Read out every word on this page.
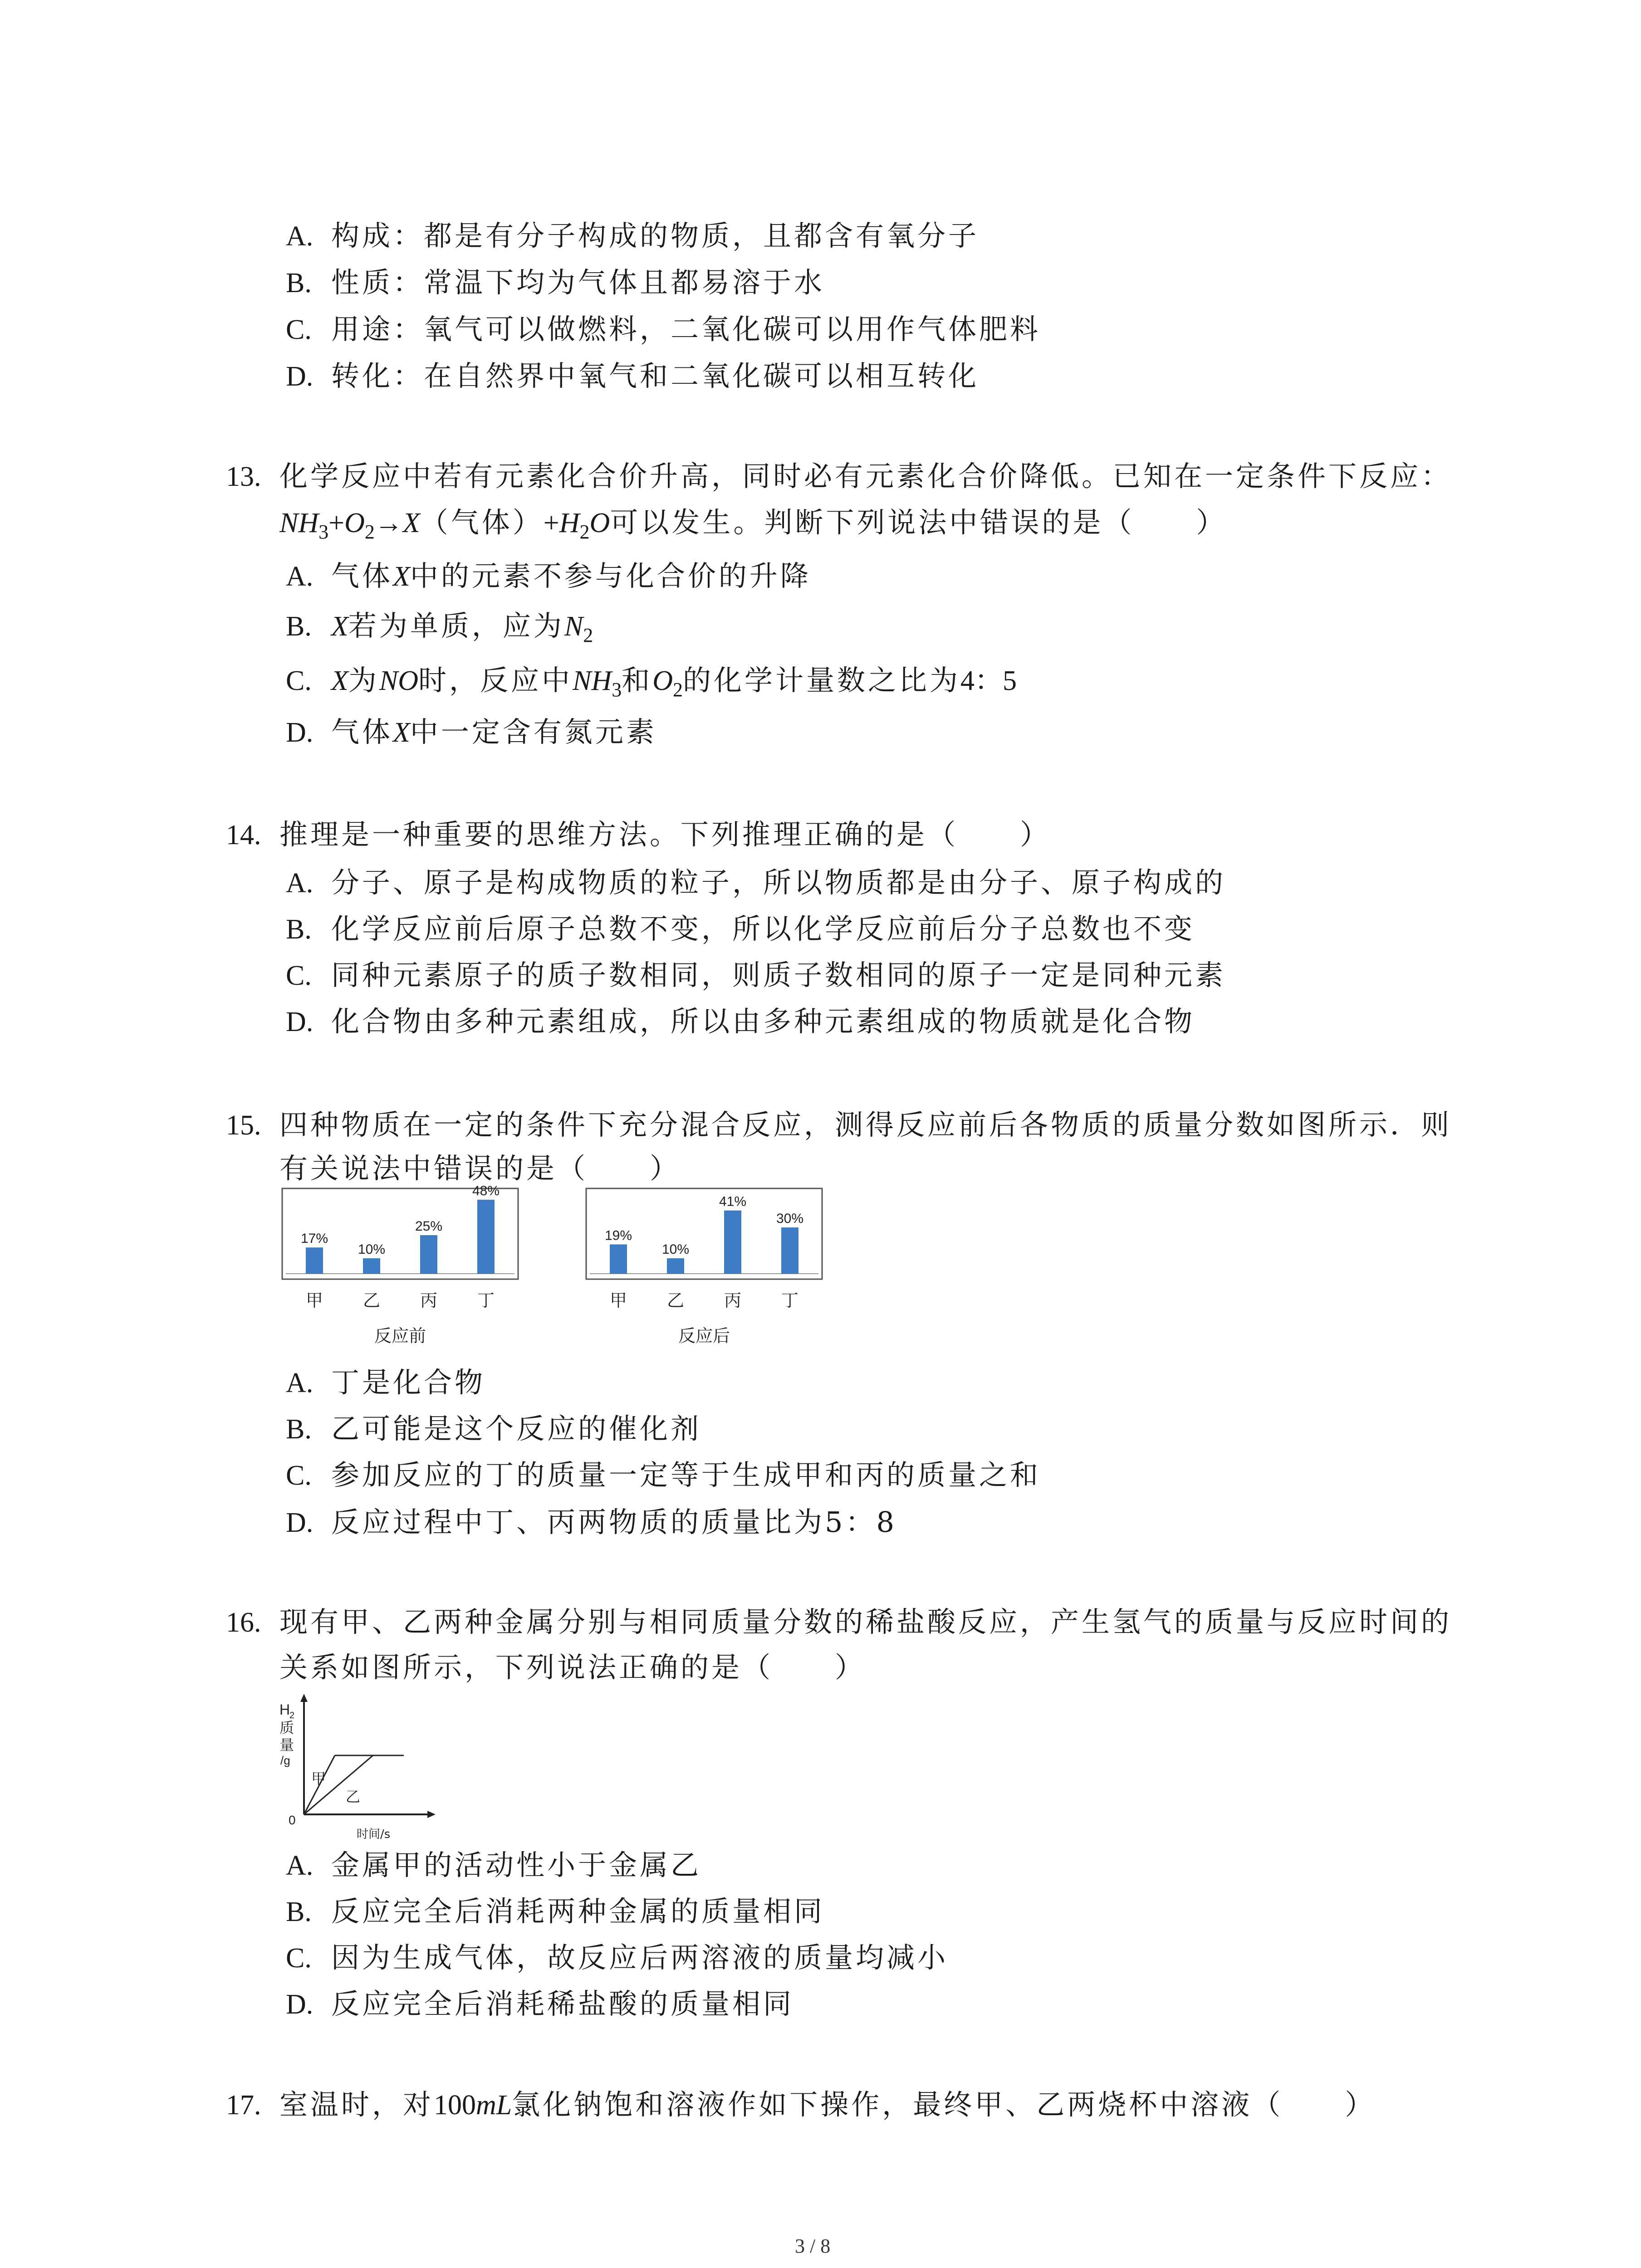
A. 构成：都是有分子构成的物质，且都含有氧分子
B. 性质：常温下均为气体且都易溶于水
C. 用途：氧气可以做燃料，二氧化碳可以用作气体肥料
D. 转化：在自然界中氧气和二氧化碳可以相互转化
13. 化学反应中若有元素化合价升高，同时必有元素化合价降低。已知在一定条件下反应：
$NH_3+O_2\to X$（气体）$+H_2O$可以发生。判断下列说法中错误的是（　　）
A. 气体X中的元素不参与化合价的升降
B. X若为单质，应为$N_2$
C. X为NO时，反应中$NH_3$和$O_2$的化学计量数之比为4：5
D. 气体X中一定含有氮元素
14. 推理是一种重要的思维方法。下列推理正确的是（　　）
A. 分子、原子是构成物质的粒子，所以物质都是由分子、原子构成的
B. 化学反应前后原子总数不变，所以化学反应前后分子总数也不变
C. 同种元素原子的质子数相同，则质子数相同的原子一定是同种元素
D. 化合物由多种元素组成，所以由多种元素组成的物质就是化合物
15. 四种物质在一定的条件下充分混合反应，测得反应前后各物质的质量分数如图所示．则
有关说法中错误的是（　　）
17%
甲
10%
乙
25%
丙
48%
丁
反应前
19%
甲
10%
乙
41%
丙
30%
丁
反应后
A. 丁是化合物
B. 乙可能是这个反应的催化剂
C. 参加反应的丁的质量一定等于生成甲和丙的质量之和
D. 反应过程中丁、丙两物质的质量比为5：8
16. 现有甲、乙两种金属分别与相同质量分数的稀盐酸反应，产生氢气的质量与反应时间的
关系如图所示，下列说法正确的是（　　）
H
2
质
量
/g
0
时间/s
甲
乙
A. 金属甲的活动性小于金属乙
B. 反应完全后消耗两种金属的质量相同
C. 因为生成气体，故反应后两溶液的质量均减小
D. 反应完全后消耗稀盐酸的质量相同
17. 室温时，对100mL氯化钠饱和溶液作如下操作，最终甲、乙两烧杯中溶液（　　）
3 / 8
